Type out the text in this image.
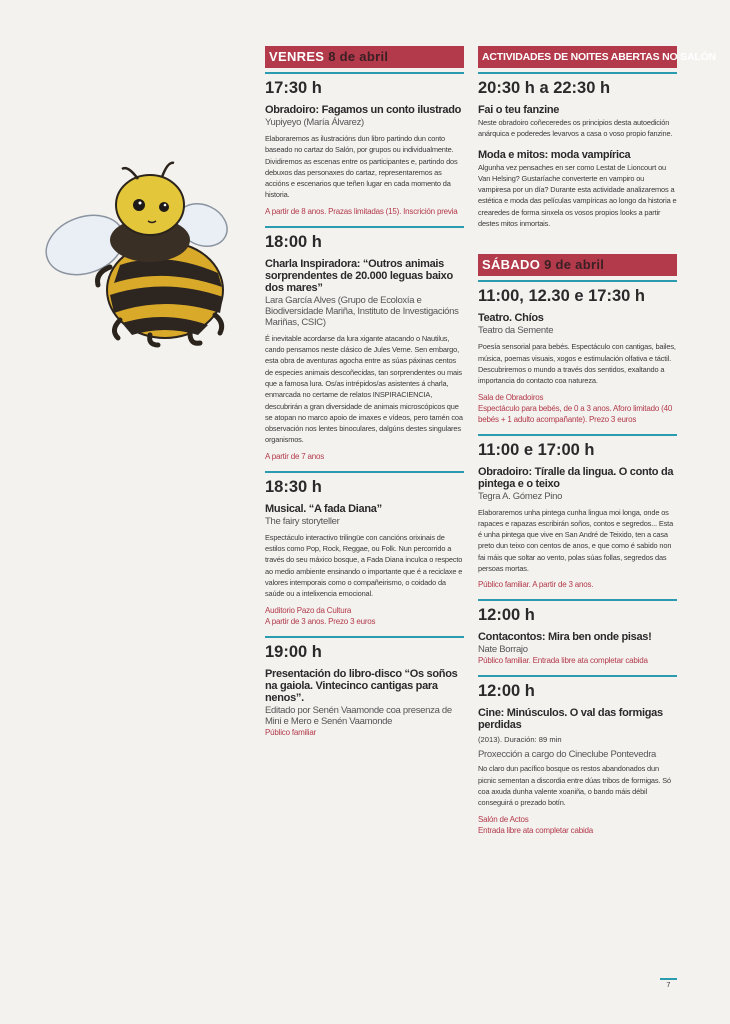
VENRES 8 de abril
17:30 h
Obradoiro: Fagamos un conto ilustrado
Yupiyeyo (María Álvarez)
Elaboraremos as ilustracións dun libro partindo dun conto baseado no cartaz do Salón, por grupos ou individualmente. Dividiremos as escenas entre os participantes e, partindo dos debuxos das personaxes do cartaz, representaremos as accións e escenarios que teñen lugar en cada momento da historia.
A partir de 8 anos. Prazas limitadas (15). Inscrición previa
18:00 h
Charla Inspiradora: “Outros animais sorprendentes de 20.000 leguas baixo dos mares”
Lara García Alves (Grupo de Ecoloxía e Biodiversidade Mariña, Instituto de Investigacións Mariñas, CSIC)
É inevitable acordarse da lura xigante atacando o Nautilus, cando pensamos neste clásico de Jules Verne. Sen embargo, esta obra de aventuras agocha entre as súas páxinas centos de especies animais descoñecidas, tan sorprendentes ou mais que a famosa lura. Os/as intrépidos/as asistentes á charla, enmarcada no certame de relatos INSPIRACIENCIA, descubrirán a gran diversidade de animais microscópicos que se atopan no marco apoio de imaxes e vídeos, pero tamén coa observación nos lentes binoculares, dalgúns destes singulares organismos.
A partir de 7 anos
18:30 h
Musical. “A fada Diana”
The fairy storyteller
Espectáculo interactivo trilingüe con cancións orixinais de estilos como Pop, Rock, Reggae, ou Folk. Nun percorrido a través do seu máxico bosque, a Fada Diana inculca o respecto ao medio ambiente ensinando o importante que é a reciclaxe e valores intemporais como o compañeirismo, o coidado da saúde ou a intelixencia emocional.
Auditorio Pazo da Cultura
A partir de 3 anos. Prezo 3 euros
19:00 h
Presentación do libro-disco “Os soños na gaiola. Vintecinco cantigas para nenos”.
Editado por Senén Vaamonde coa presenza de Mini e Mero e Senén Vaamonde
Público familiar
ACTIVIDADES DE NOITES ABERTAS NO SALÓN
20:30 h a 22:30 h
Fai o teu fanzine
Neste obradoiro coñeceredes os principios desta autoedición anárquica e poderedes levarvos a casa o voso propio fanzine.
Moda e mitos: moda vampírica
Algunha vez pensaches en ser como Lestat de Lioncourt ou Van Helsing? Gustaríache converterte en vampiro ou vampiresa por un día? Durante esta actividade analizaremos a estética e moda das películas vampíricas ao longo da historia e crearedes de forma sinxela os vosos propios looks a partir destes mitos inmortais.
SÁBADO 9 de abril
11:00, 12.30 e 17:30 h
Teatro. Chíos
Teatro da Semente
Poesía sensorial para bebés. Espectáculo con cantigas, bailes, música, poemas visuais, xogos e estimulación olfativa e táctil. Descubriremos o mundo a través dos sentidos, exaltando a importancia do contacto coa natureza.
Sala de Obradoiros
Espectáculo para bebés, de 0 a 3 anos. Aforo limitado (40 bebés + 1 adulto acompañante). Prezo 3 euros
11:00 e 17:00 h
Obradoiro: Tíralle da lingua. O conto da pintega e o teixo
Tegra A. Gómez Pino
Elaboraremos unha pintega cunha lingua moi longa, onde os rapaces e rapazas escribirán soños, contos e segredos... Esta é unha pintega que vive en San André de Teixido, ten a casa preto dun teixo con centos de anos, e que como é sabido non fai máis que soltar ao vento, polas súas follas, segredos das persoas mortas.
Público familiar. A partir de 3 anos.
12:00 h
Contacontos: Mira ben onde pisas!
Nate Borrajo
Público familiar. Entrada libre ata completar cabida
12:00 h
Cine: Minúsculos. O val das formigas perdidas
(2013). Duración: 89 min
Proxección a cargo do Cineclube Pontevedra
No claro dun pacífico bosque os restos abandonados dun picnic sementan a discordia entre dúas tribos de formigas. Só coa axuda dunha valente xoaniña, o bando máis débil conseguirá o prezado botín.
Salón de Actos
Entrada libre ata completar cabida
7
